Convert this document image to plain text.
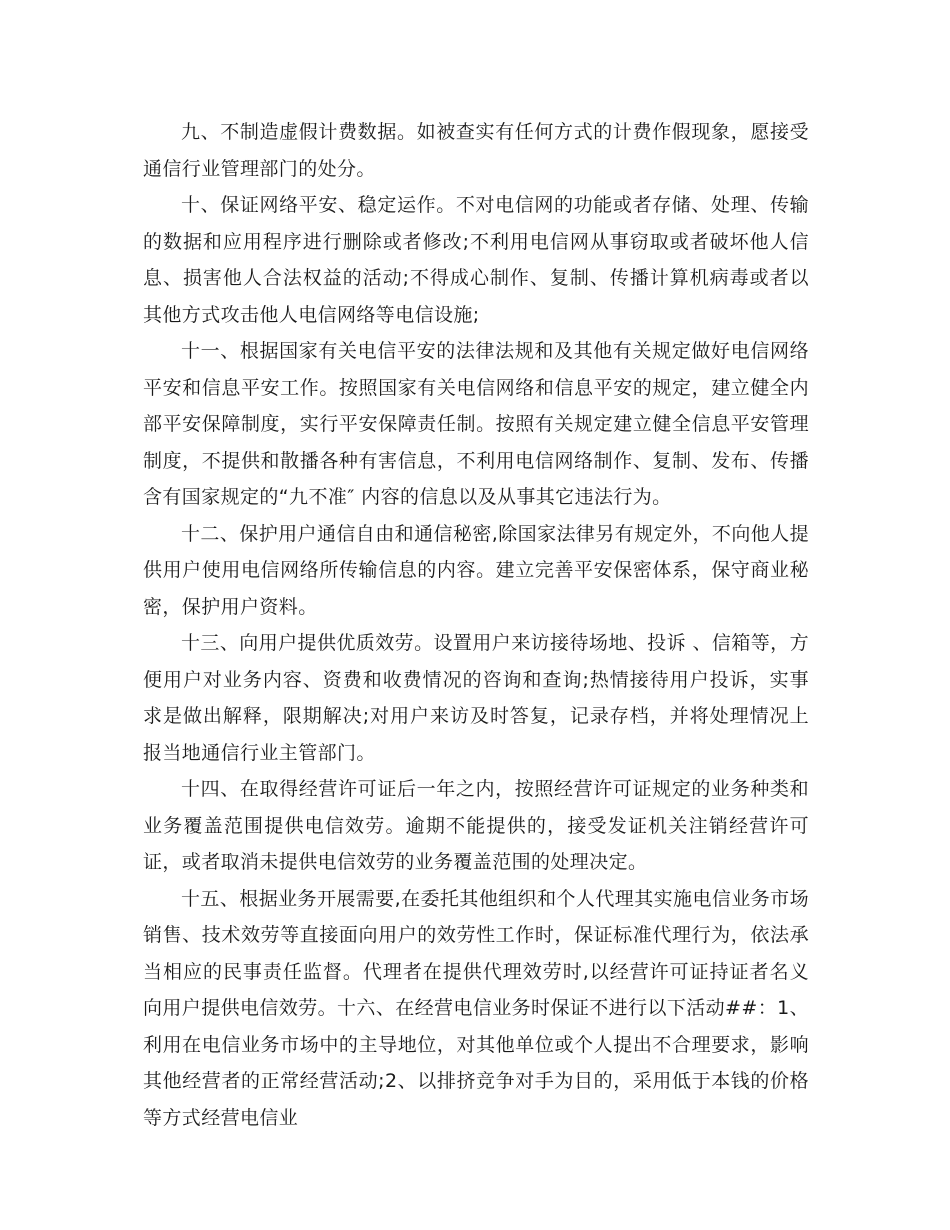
九、不制造虚假计费数据。如被查实有任何方式的计费作假现象，愿接受通信行业管理部门的处分。

十、保证网络平安、稳定运作。不对电信网的功能或者存储、处理、传输的数据和应用程序进行删除或者修改;不利用电信网从事窃取或者破坏他人信息、损害他人合法权益的活动;不得成心制作、复制、传播计算机病毒或者以其他方式攻击他人电信网络等电信设施;

十一、根据国家有关电信平安的法律法规和及其他有关规定做好电信网络平安和信息平安工作。按照国家有关电信网络和信息平安的规定，建立健全内部平安保障制度，实行平安保障责任制。按照有关规定建立健全信息平安管理制度，不提供和散播各种有害信息，不利用电信网络制作、复制、发布、传播含有国家规定的“九不准″ 内容的信息以及从事其它违法行为。

十二、保护用户通信自由和通信秘密,除国家法律另有规定外，不向他人提供用户使用电信网络所传输信息的内容。建立完善平安保密体系，保守商业秘密，保护用户资料。

十三、向用户提供优质效劳。设置用户来访接待场地、投诉 、信箱等，方便用户对业务内容、资费和收费情况的咨询和查询;热情接待用户投诉，实事求是做出解释，限期解决;对用户来访及时答复，记录存档，并将处理情况上报当地通信行业主管部门。

十四、在取得经营许可证后一年之内，按照经营许可证规定的业务种类和业务覆盖范围提供电信效劳。逾期不能提供的，接受发证机关注销经营许可证，或者取消未提供电信效劳的业务覆盖范围的处理决定。

十五、根据业务开展需要,在委托其他组织和个人代理其实施电信业务市场销售、技术效劳等直接面向用户的效劳性工作时，保证标准代理行为，依法承当相应的民事责任监督。代理者在提供代理效劳时,以经营许可证持证者名义向用户提供电信效劳。十六、在经营电信业务时保证不进行以下活动##：1、利用在电信业务市场中的主导地位，对其他单位或个人提出不合理要求，影响其他经营者的正常经营活动;2、以排挤竞争对手为目的，采用低于本钱的价格等方式经营电信业
